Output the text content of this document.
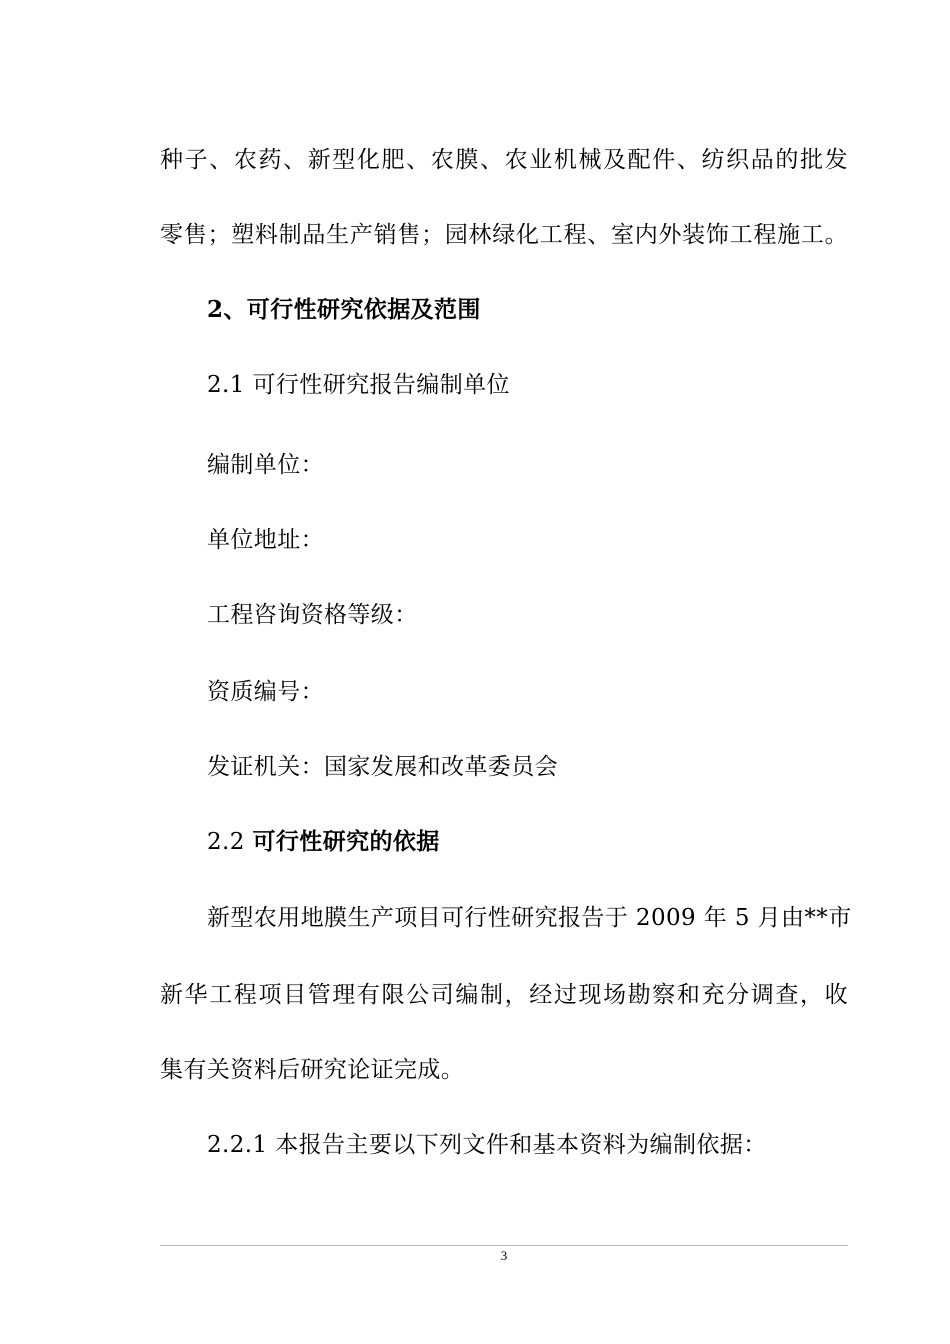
种子、农药、新型化肥、农膜、农业机械及配件、纺织品的批发
零售；塑料制品生产销售；园林绿化工程、室内外装饰工程施工。
2、可行性研究依据及范围
2.1 可行性研究报告编制单位
编制单位：
单位地址：
工程咨询资格等级：
资质编号：
发证机关：国家发展和改革委员会
2.2 可行性研究的依据
新型农用地膜生产项目可行性研究报告于 2009 年 5 月由**市
新华工程项目管理有限公司编制，经过现场勘察和充分调查，收
集有关资料后研究论证完成。
2.2.1 本报告主要以下列文件和基本资料为编制依据：
3
